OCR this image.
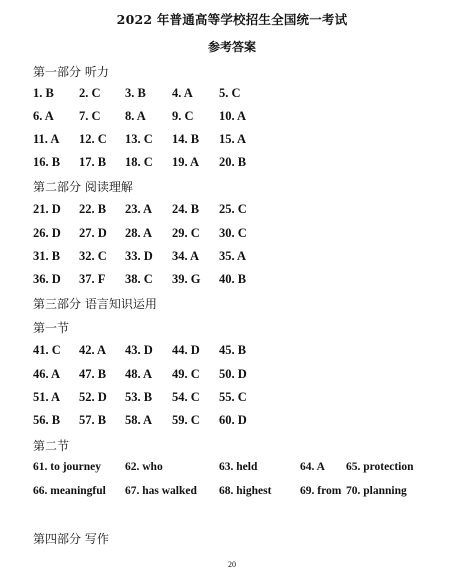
2022 年普通高等学校招生全国统一考试
参考答案
第一部分 听力
1. B 2. C 3. B 4. A 5. C
6. A 7. C 8. A 9. C 10. A
11. A 12. C 13. C 14. B 15. A
16. B 17. B 18. C 19. A 20. B
第二部分 阅读理解
21. D 22. B 23. A 24. B 25. C
26. D 27. D 28. A 29. C 30. C
31. B 32. C 33. D 34. A 35. A
36. D 37. F 38. C 39. G 40. B
第三部分 语言知识运用
第一节
41. C 42. A 43. D 44. D 45. B
46. A 47. B 48. A 49. C 50. D
51. A 52. D 53. B 54. C 55. C
56. B 57. B 58. A 59. C 60. D
第二节
61. to journey 62. who	63. held	64. A 65. protection
66. meaningful 67. has walked 68. highest 69. from 70. planning
第四部分 写作
20
